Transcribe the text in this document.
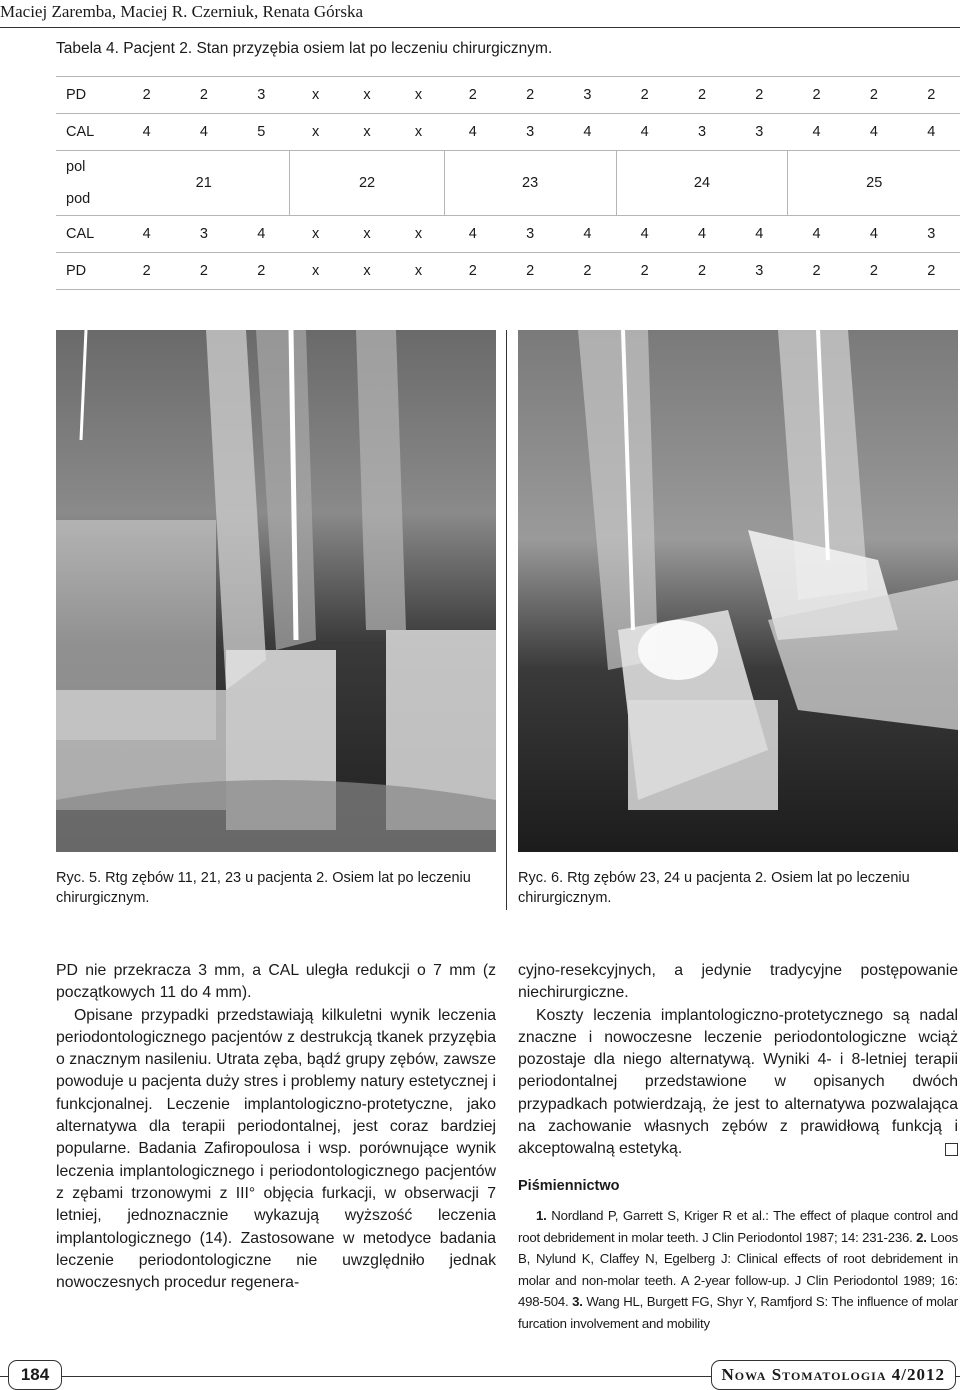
Maciej Zaremba, Maciej R. Czerniuk, Renata Górska
Tabela 4. Pacjent 2. Stan przyzębia osiem lat po leczeniu chirurgicznym.
PD	2	2	3	x	x	x	2	2	3	2	2	2	2	2	2
CAL	4	4	5	x	x	x	4	3	4	4	3	3	4	4	4
pol	21			22			23			24			25		
pod															
CAL	4	3	4	x	x	x	4	3	4	4	4	4	4	4	3
PD	2	2	2	x	x	x	2	2	2	2	2	3	2	2	2
Ryc. 5. Rtg zębów 11, 21, 23 u pacjenta 2. Osiem lat po leczeniu chirurgicznym.
Ryc. 6. Rtg zębów 23, 24 u pacjenta 2. Osiem lat po leczeniu chirurgicznym.

PD nie przekracza 3 mm, a CAL uległa redukcji o 7 mm (z początkowych 11 do 4 mm).

Opisane przypadki przedstawiają kilkuletni wynik leczenia periodontologicznego pacjentów z destrukcją tkanek przyzębia o znacznym nasileniu. Utrata zęba, bądź grupy zębów, zawsze powoduje u pacjenta duży stres i problemy natury estetycznej i funkcjonalnej. Leczenie implantologiczno-protetyczne, jako alternatywa dla terapii periodontalnej, jest coraz bardziej popularne. Badania Zafiropoulosa i wsp. porównujące wynik leczenia implantologicznego i periodontologicznego pacjentów z zębami trzonowymi z III° objęcia furkacji, w obserwacji 7 letniej, jednoznacznie wykazują wyższość leczenia implantologicznego (14). Zastosowane w metodyce badania leczenie periodontologiczne nie uwzględniło jednak nowoczesnych procedur regenera-

cyjno-resekcyjnych, a jedynie tradycyjne postępowanie niechirurgiczne.

Koszty leczenia implantologiczno-protetycznego są nadal znaczne i nowoczesne leczenie periodontologiczne wciąż pozostaje dla niego alternatywą. Wyniki 4- i 8-letniej terapii periodontalnej przedstawione w opisanych dwóch przypadkach potwierdzają, że jest to alternatywa pozwalająca na zachowanie własnych zębów z prawidłową funkcją i akceptowalną estetyką.

Piśmiennictwo
1. Nordland P, Garrett S, Kriger R et al.: The effect of plaque control and root debridement in molar teeth. J Clin Periodontol 1987; 14: 231-236. 2. Loos B, Nylund K, Claffey N, Egelberg J: Clinical effects of root debridement in molar and non-molar teeth. A 2-year follow-up. J Clin Periodontol 1989; 16: 498-504. 3. Wang HL, Burgett FG, Shyr Y, Ramfjord S: The influence of molar furcation involvement and mobility
184	Nowa Stomatologia 4/2012
